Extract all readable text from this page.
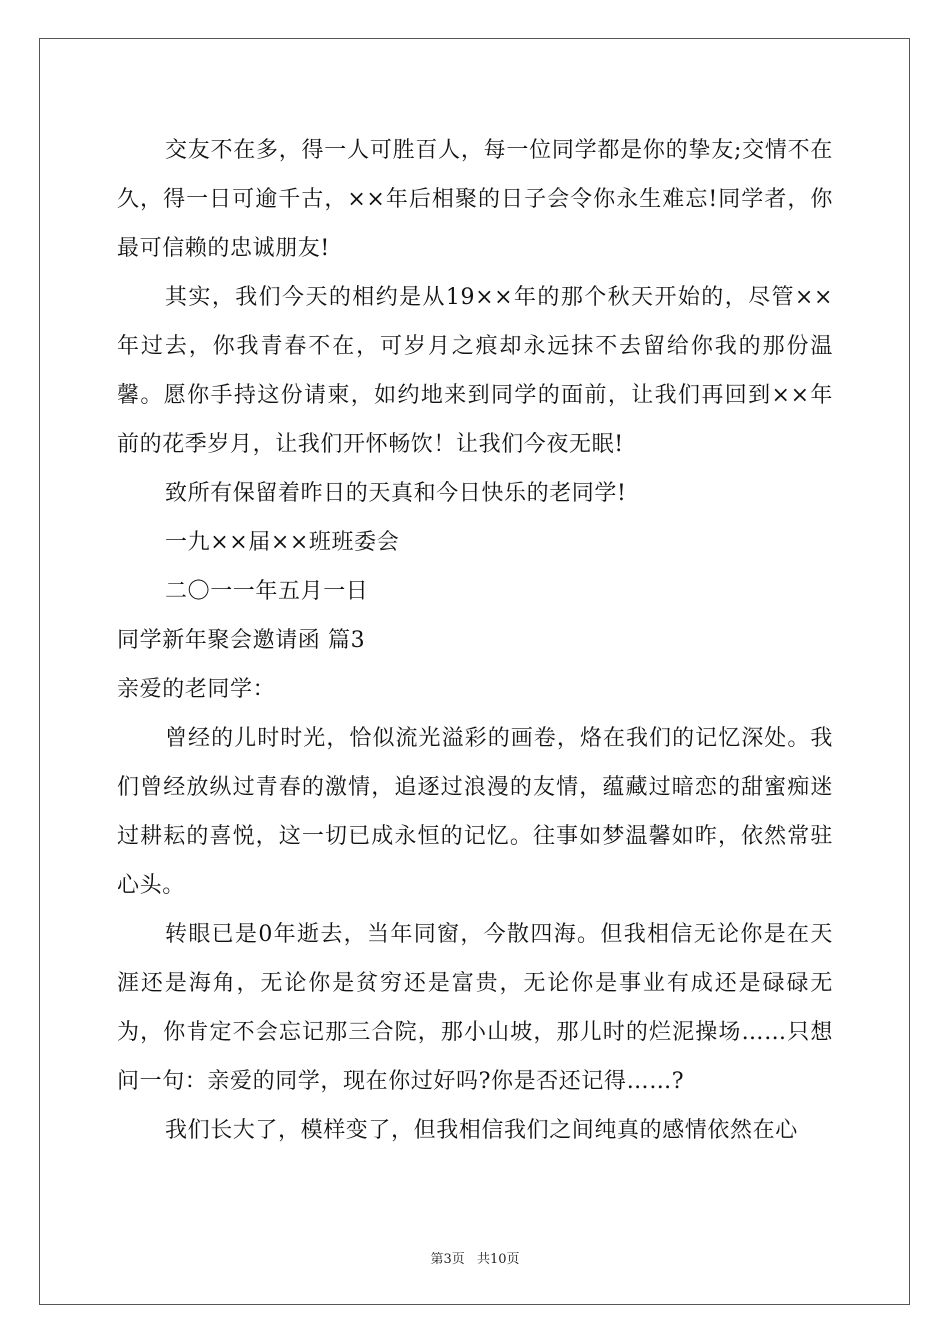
交友不在多，得一人可胜百人，每一位同学都是你的挚友;交情不在久，得一日可逾千古，××年后相聚的日子会令你永生难忘!同学者，你最可信赖的忠诚朋友!

其实，我们今天的相约是从19××年的那个秋天开始的，尽管××年过去，你我青春不在，可岁月之痕却永远抹不去留给你我的那份温馨。愿你手持这份请柬，如约地来到同学的面前，让我们再回到××年前的花季岁月，让我们开怀畅饮！让我们今夜无眠!

致所有保留着昨日的天真和今日快乐的老同学!

一九××届××班班委会

二〇一一年五月一日

同学新年聚会邀请函 篇3

亲爱的老同学：

曾经的儿时时光，恰似流光溢彩的画卷，烙在我们的记忆深处。我们曾经放纵过青春的激情，追逐过浪漫的友情，蕴藏过暗恋的甜蜜痴迷过耕耘的喜悦，这一切已成永恒的记忆。往事如梦温馨如昨，依然常驻心头。

转眼已是0年逝去，当年同窗，今散四海。但我相信无论你是在天涯还是海角，无论你是贫穷还是富贵，无论你是事业有成还是碌碌无为，你肯定不会忘记那三合院，那小山坡，那儿时的烂泥操场……只想问一句：亲爱的同学，现在你过好吗?你是否还记得……?

我们长大了，模样变了，但我相信我们之间纯真的感情依然在心

第3页 共10页
